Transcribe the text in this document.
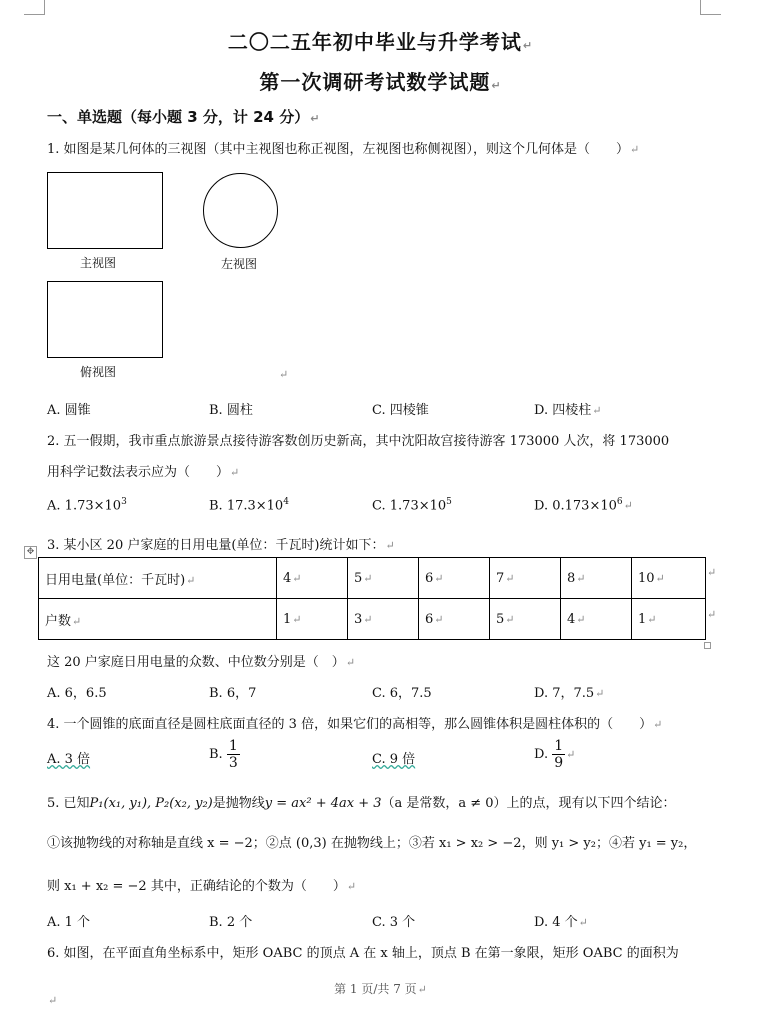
二〇二五年初中毕业与升学考试↵
第一次调研考试数学试题↵
一、单选题（每小题 3 分，计 24 分）↵
1. 如图是某几何体的三视图（其中主视图也称正视图，左视图也称侧视图），则这个几何体是（　　）↵
主视图	左视图
俯视图	↵
A. 圆锥	B. 圆柱	C. 四棱锥	D. 四棱柱↵
2. 五一假期，我市重点旅游景点接待游客数创历史新高，其中沈阳故宫接待游客 173000 人次，将 173000
用科学记数法表示应为（　　）↵
A. $1.73\times 10^3$	B. $17.3\times 10^4$	C. $1.73\times 10^5$	D. $0.173\times 10^6↵$
✥ 3. 某小区 20 户家庭的日用电量(单位：千瓦时)统计如下：↵
日用电量(单位：千瓦时)↵	4↵	5↵	6↵	7↵	8↵	10↵
户数↵	1↵	3↵	6↵	5↵	4↵	1↵
↵
↵
这 20 户家庭日用电量的众数、中位数分别是（　）↵
A. 6，6.5	B. 6，7	C. 6，7.5	D. 7，7.5↵
4. 一个圆锥的底面直径是圆柱底面直径的 3 倍，如果它们的高相等，那么圆锥体积是圆柱体积的（　　）↵
A. 3 倍	B. $\frac{1}{3}$	C. 9 倍	D. $\frac{1}{9}$ ↵
5. 已知P₁(x₁, y₁), P₂(x₂, y₂)是抛物线y = ax² + 4ax + 3（a 是常数，a ≠ 0）上的点，现有以下四个结论：
①该抛物线的对称轴是直线 x = −2；②点 (0,3) 在抛物线上；③若 x₁ > x₂ > −2，则 y₁ > y₂；④若 y₁ = y₂，
则 x₁ + x₂ = −2 其中，正确结论的个数为（　　）↵
A. 1 个	B. 2 个	C. 3 个	D. 4 个↵
6. 如图，在平面直角坐标系中，矩形 OABC 的顶点 A 在 x 轴上，顶点 B 在第一象限，矩形 OABC 的面积为
第 1 页/共 7 页↵
↵
